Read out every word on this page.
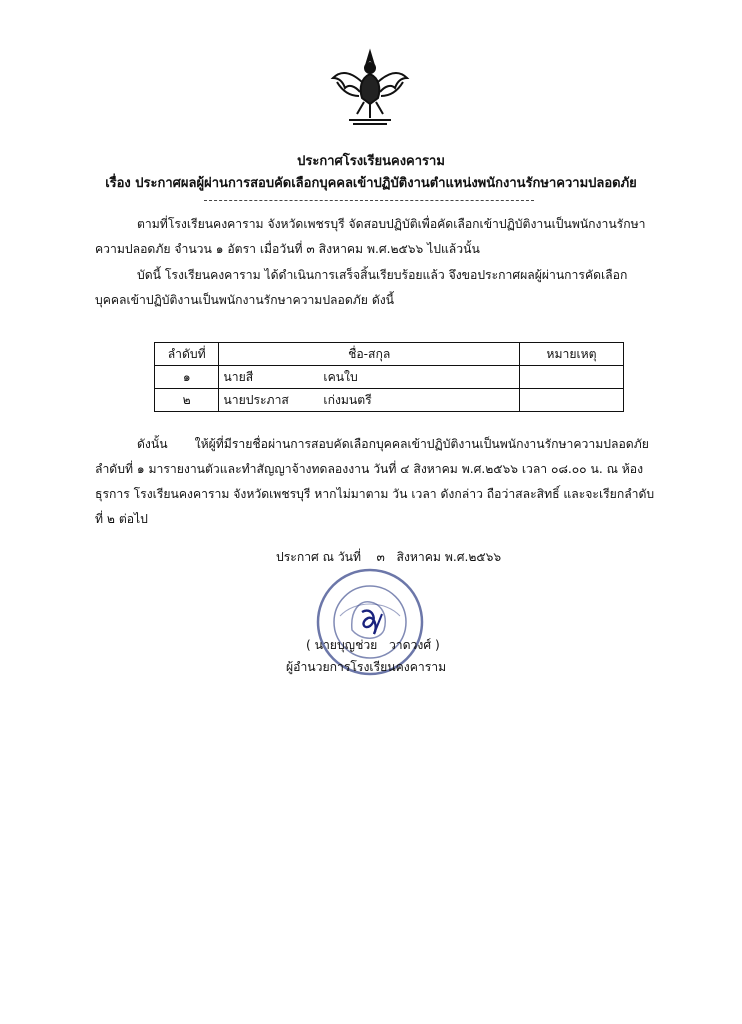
ประกาศโรงเรียนคงคาราม
เรื่อง ประกาศผลผู้ผ่านการสอบคัดเลือกบุคคลเข้าปฏิบัติงานตำแหน่งพนักงานรักษาความปลอดภัย
ตามที่โรงเรียนคงคาราม จังหวัดเพชรบุรี จัดสอบปฏิบัติเพื่อคัดเลือกเข้าปฏิบัติงานเป็นพนักงานรักษา
ความปลอดภัย จำนวน ๑ อัตรา เมื่อวันที่ ๓ สิงหาคม พ.ศ.๒๕๖๖ ไปแล้วนั้น
บัดนี้ โรงเรียนคงคาราม ได้ดำเนินการเสร็จสิ้นเรียบร้อยแล้ว จึงขอประกาศผลผู้ผ่านการคัดเลือก
บุคคลเข้าปฏิบัติงานเป็นพนักงานรักษาความปลอดภัย ดังนี้
ลำดับที่	ชื่อ-สกุล	หมายเหตุ
๑	นายสี เคนใบ	
๒	นายประภาส เก่งมนตรี	
ดังนั้น       ให้ผู้ที่มีรายชื่อผ่านการสอบคัดเลือกบุคคลเข้าปฏิบัติงานเป็นพนักงานรักษาความปลอดภัย
ลำดับที่ ๑ มารายงานตัวและทำสัญญาจ้างทดลองงาน วันที่ ๔ สิงหาคม พ.ศ.๒๕๖๖ เวลา ๐๘.๐๐ น. ณ ห้อง
ธุรการ โรงเรียนคงคาราม จังหวัดเพชรบุรี หากไม่มาตาม วัน เวลา ดังกล่าว ถือว่าสละสิทธิ์ และจะเรียกลำดับ
ที่ ๒ ต่อไป
ประกาศ ณ วันที่    ๓   สิงหาคม พ.ศ.๒๕๖๖
( นายบุญช่วย   วาดวงศ์ )
ผู้อำนวยการโรงเรียนคงคาราม
